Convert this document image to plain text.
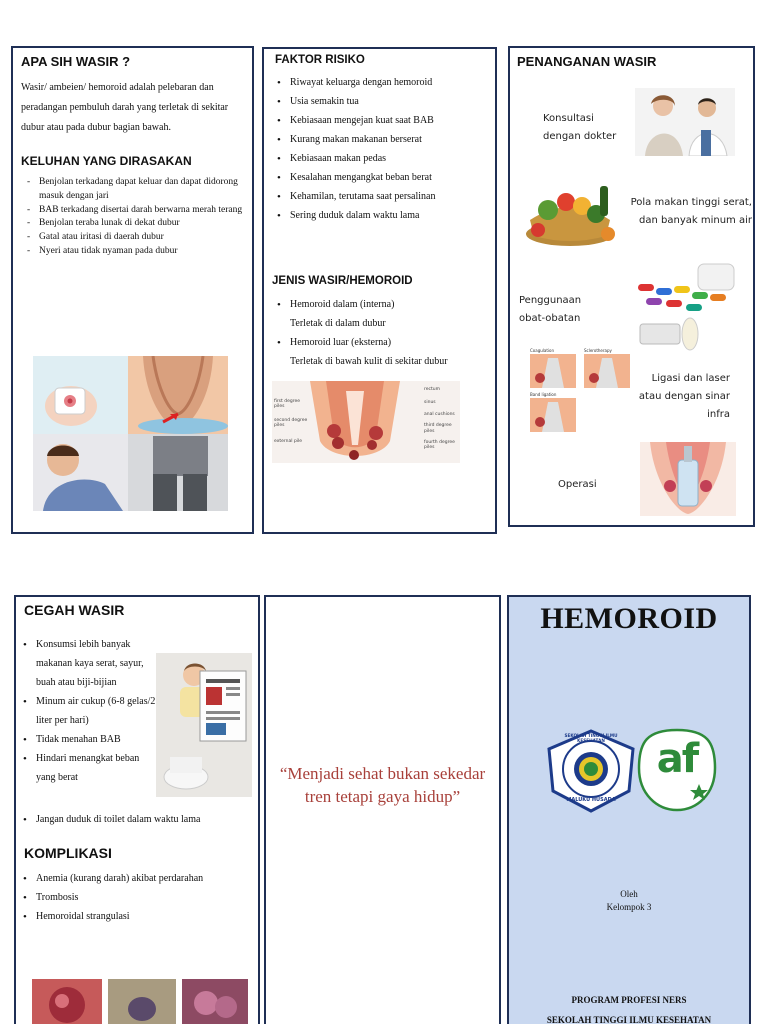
APA SIH WASIR ?

Wasir/ ambeien/ hemoroid adalah pelebaran dan peradangan pembuluh darah yang terletak di sekitar dubur atau pada dubur bagian bawah.

KELUHAN YANG DIRASAKAN
- Benjolan terkadang dapat keluar dan dapat didorong masuk dengan jari
- BAB terkadang disertai darah berwarna merah terang
- Benjolan teraba lunak di dekat dubur
- Gatal atau iritasi di daerah dubur
- Nyeri atau tidak nyaman pada dubur
FAKTOR RISIKO
• Riwayat keluarga dengan hemoroid
• Usia semakin tua
• Kebiasaan mengejan kuat saat BAB
• Kurang makan makanan berserat
• Kebiasaan makan pedas
• Kesalahan mengangkat beban berat
• Kehamilan, terutama saat persalinan
• Sering duduk dalam waktu lama
JENIS WASIR/HEMOROID
• Hemoroid dalam (interna)
Terletak di dalam dubur
• Hemoroid luar (eksterna)
Terletak di bawah kulit di sekitar dubur
first degree piles
second degree piles
external pile
rectum
sinus
anal cushions
third degree piles
fourth degree piles
PENANGANAN WASIR
Konsultasi dengan dokter
Pola makan tinggi serat, dan banyak minum air
Penggunaan obat-obatan
Coagulation	Sclerotherapy
Band ligation
Ligasi dan laser atau dengan sinar infra
Operasi
CEGAH WASIR
• Konsumsi lebih banyak makanan kaya serat, sayur, buah atau biji-bijian
• Minum air cukup (6-8 gelas/2 liter per hari)
• Tidak menahan BAB
• Hindari menangkat beban yang berat
• Jangan duduk di toilet dalam waktu lama
KOMPLIKASI
• Anemia (kurang darah) akibat perdarahan
• Trombosis
• Hemoroidal strangulasi
“Menjadi sehat bukan sekedar tren tetapi gaya hidup”
HEMOROID
SEKOLAH TINGGI ILMU KESEHATAN
MALUKU HUSADA
af
Oleh
Kelompok 3
PROGRAM PROFESI NERS
SEKOLAH TINGGI ILMU KESEHATAN
